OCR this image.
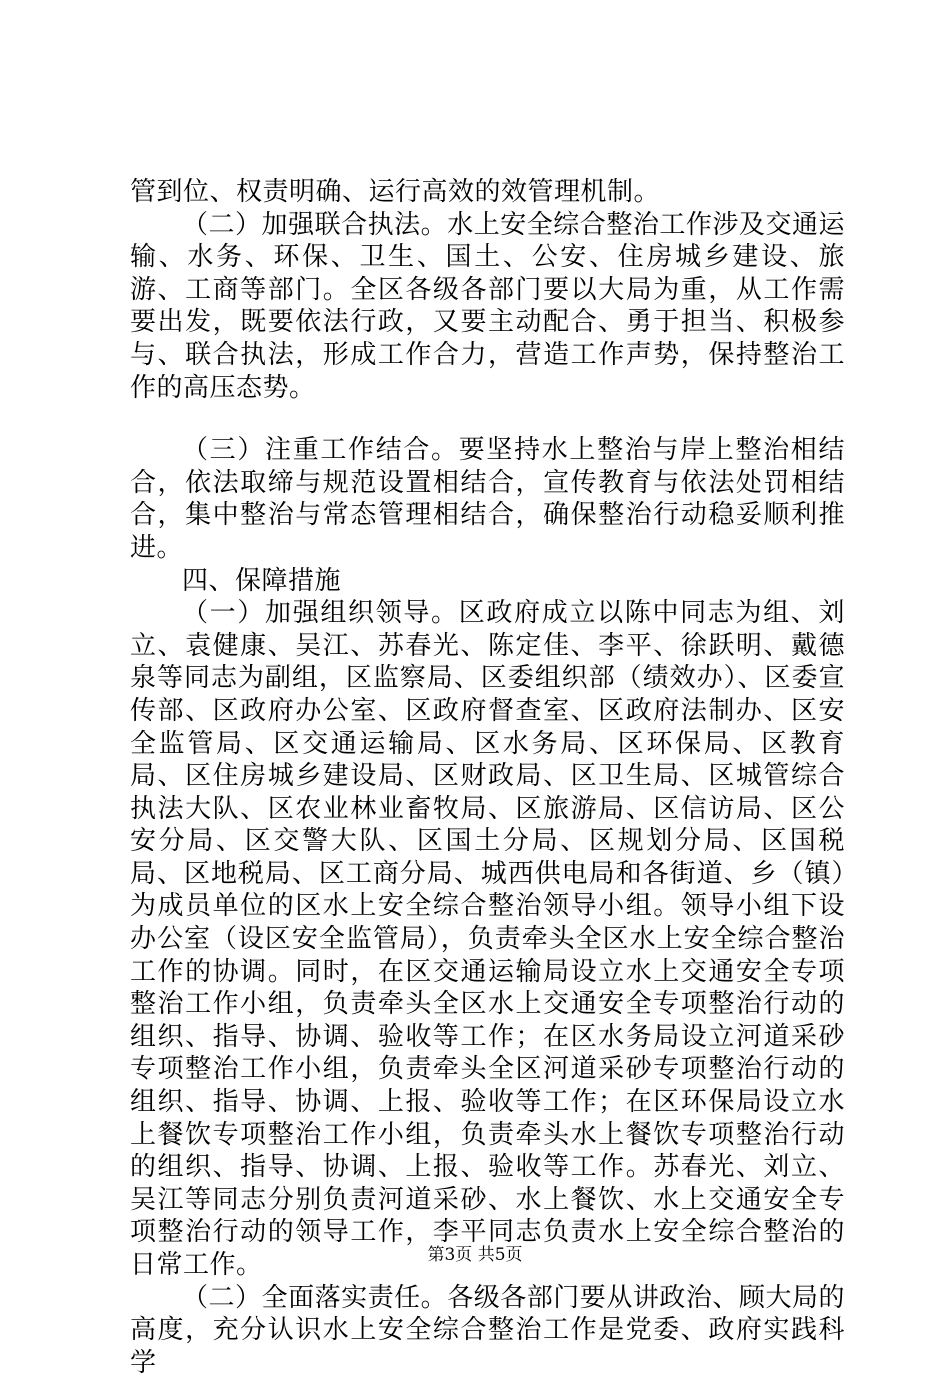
管到位、权责明确、运行高效的效管理机制。

（二）加强联合执法。水上安全综合整治工作涉及交通运输、水务、环保、卫生、国土、公安、住房城乡建设、旅游、工商等部门。全区各级各部门要以大局为重，从工作需要出发，既要依法行政，又要主动配合、勇于担当、积极参与、联合执法，形成工作合力，营造工作声势，保持整治工作的高压态势。

（三）注重工作结合。要坚持水上整治与岸上整治相结合，依法取缔与规范设置相结合，宣传教育与依法处罚相结合，集中整治与常态管理相结合，确保整治行动稳妥顺利推进。

四、保障措施

（一）加强组织领导。区政府成立以陈中同志为组、刘立、袁健康、吴江、苏春光、陈定佳、李平、徐跃明、戴德泉等同志为副组，区监察局、区委组织部（绩效办）、区委宣传部、区政府办公室、区政府督查室、区政府法制办、区安全监管局、区交通运输局、区水务局、区环保局、区教育局、区住房城乡建设局、区财政局、区卫生局、区城管综合执法大队、区农业林业畜牧局、区旅游局、区信访局、区公安分局、区交警大队、区国土分局、区规划分局、区国税局、区地税局、区工商分局、城西供电局和各街道、乡（镇）为成员单位的区水上安全综合整治领导小组。领导小组下设办公室（设区安全监管局），负责牵头全区水上安全综合整治工作的协调。同时，在区交通运输局设立水上交通安全专项整治工作小组，负责牵头全区水上交通安全专项整治行动的组织、指导、协调、验收等工作；在区水务局设立河道采砂专项整治工作小组，负责牵头全区河道采砂专项整治行动的组织、指导、协调、上报、验收等工作；在区环保局设立水上餐饮专项整治工作小组，负责牵头水上餐饮专项整治行动的组织、指导、协调、上报、验收等工作。苏春光、刘立、吴江等同志分别负责河道采砂、水上餐饮、水上交通安全专项整治行动的领导工作，李平同志负责水上安全综合整治的日常工作。

（二）全面落实责任。各级各部门要从讲政治、顾大局的高度，充分认识水上安全综合整治工作是党委、政府实践科学

第3页 共5页
